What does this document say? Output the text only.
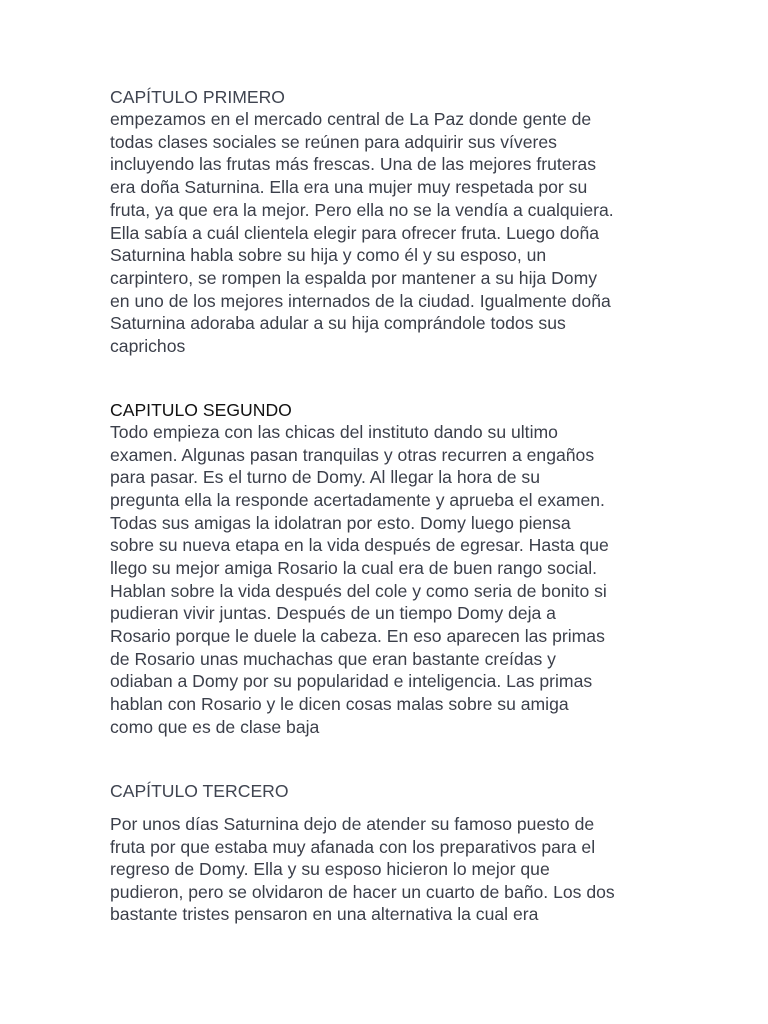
CAPÍTULO PRIMERO

empezamos en el mercado central de La Paz donde gente de

todas clases sociales se reúnen para adquirir sus víveres

incluyendo las frutas más frescas. Una de las mejores fruteras

era doña Saturnina. Ella era una mujer muy respetada por su

fruta, ya que era la mejor. Pero ella no se la vendía a cualquiera.

Ella sabía a cuál clientela elegir para ofrecer fruta. Luego doña

Saturnina habla sobre su hija y como él y su esposo, un

carpintero, se rompen la espalda por mantener a su hija Domy

en uno de los mejores internados de la ciudad. Igualmente doña

Saturnina adoraba adular a su hija comprándole todos sus

caprichos

CAPITULO SEGUNDO

Todo empieza con las chicas del instituto dando su ultimo

examen. Algunas pasan tranquilas y otras recurren a engaños

para pasar. Es el turno de Domy. Al llegar la hora de su

pregunta ella la responde acertadamente y aprueba el examen.

Todas sus amigas la idolatran por esto. Domy luego piensa

sobre su nueva etapa en la vida después de egresar. Hasta que

llego su mejor amiga Rosario la cual era de buen rango social.

Hablan sobre la vida después del cole y como seria de bonito si

pudieran vivir juntas. Después de un tiempo Domy deja a

Rosario porque le duele la cabeza. En eso aparecen las primas

de Rosario unas muchachas que eran bastante creídas y

odiaban a Domy por su popularidad e inteligencia. Las primas

hablan con Rosario y le dicen cosas malas sobre su amiga

como que es de clase baja

CAPÍTULO TERCERO

Por unos días Saturnina dejo de atender su famoso puesto de

fruta por que estaba muy afanada con los preparativos para el

regreso de Domy. Ella y su esposo hicieron lo mejor que

pudieron, pero se olvidaron de hacer un cuarto de baño. Los dos

bastante tristes pensaron en una alternativa la cual era
